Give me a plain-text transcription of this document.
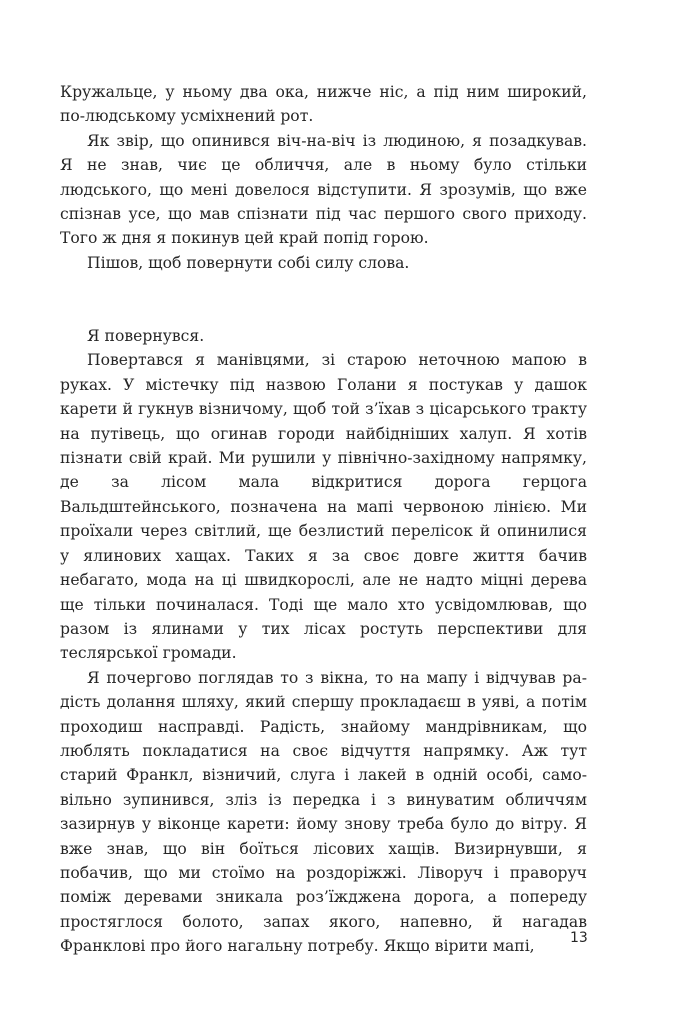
Кружальце, у ньому два ока, нижче ніс, а під ним широкий, по-людському усміхнений рот.

Як звір, що опинився віч-на-віч із людиною, я позадкував. Я не знав, чиє це обличчя, але в ньому було стільки людського, що мені довелося відступити. Я зрозумів, що вже спізнав усе, що мав спізнати під час першого свого приходу. Того ж дня я покинув цей край попід горою.

Пішов, щоб повернути собі силу слова.

Я повернувся.

Повертався я манівцями, зі старою неточною мапою в руках. У містечку під назвою Голани я постукав у дашок карети й гукнув візничому, щоб той з’їхав з цісарського тракту на путівець, що огинав городи найбідніших халуп. Я хотів пізнати свій край. Ми рушили у північно-західному напрямку, де за лісом мала відкритися дорога герцога Вальдштейнського, позначена на мапі червоною лінією. Ми проїхали через світлий, ще безлистий перелісок й опинилися у ялинових хащах. Таких я за своє довге життя бачив небагато, мода на ці швидкорослі, але не надто міцні дерева ще тільки починалася. Тоді ще мало хто усвідомлював, що разом із ялинами у тих лісах ростуть перспективи для теслярської громади.

Я почергово поглядав то з вікна, то на мапу і відчував радість долання шляху, який спершу прокладаєш в уяві, а потім проходиш насправді. Радість, знайому мандрівникам, що люблять покладатися на своє відчуття напрямку. Аж тут старий Франкл, візничий, слуга і лакей в одній особі, самовільно зупинився, зліз із передка і з винуватим обличчям зазирнув у віконце карети: йому знову треба було до вітру. Я вже знав, що він боїться лісових хащів. Визирнувши, я побачив, що ми стоїмо на роздоріжжі. Ліворуч і праворуч поміж деревами зникала роз’їжджена дорога, а попереду простяглося болото, запах якого, напевно, й нагадав Франклові про його нагальну потребу. Якщо вірити мапі,	13
